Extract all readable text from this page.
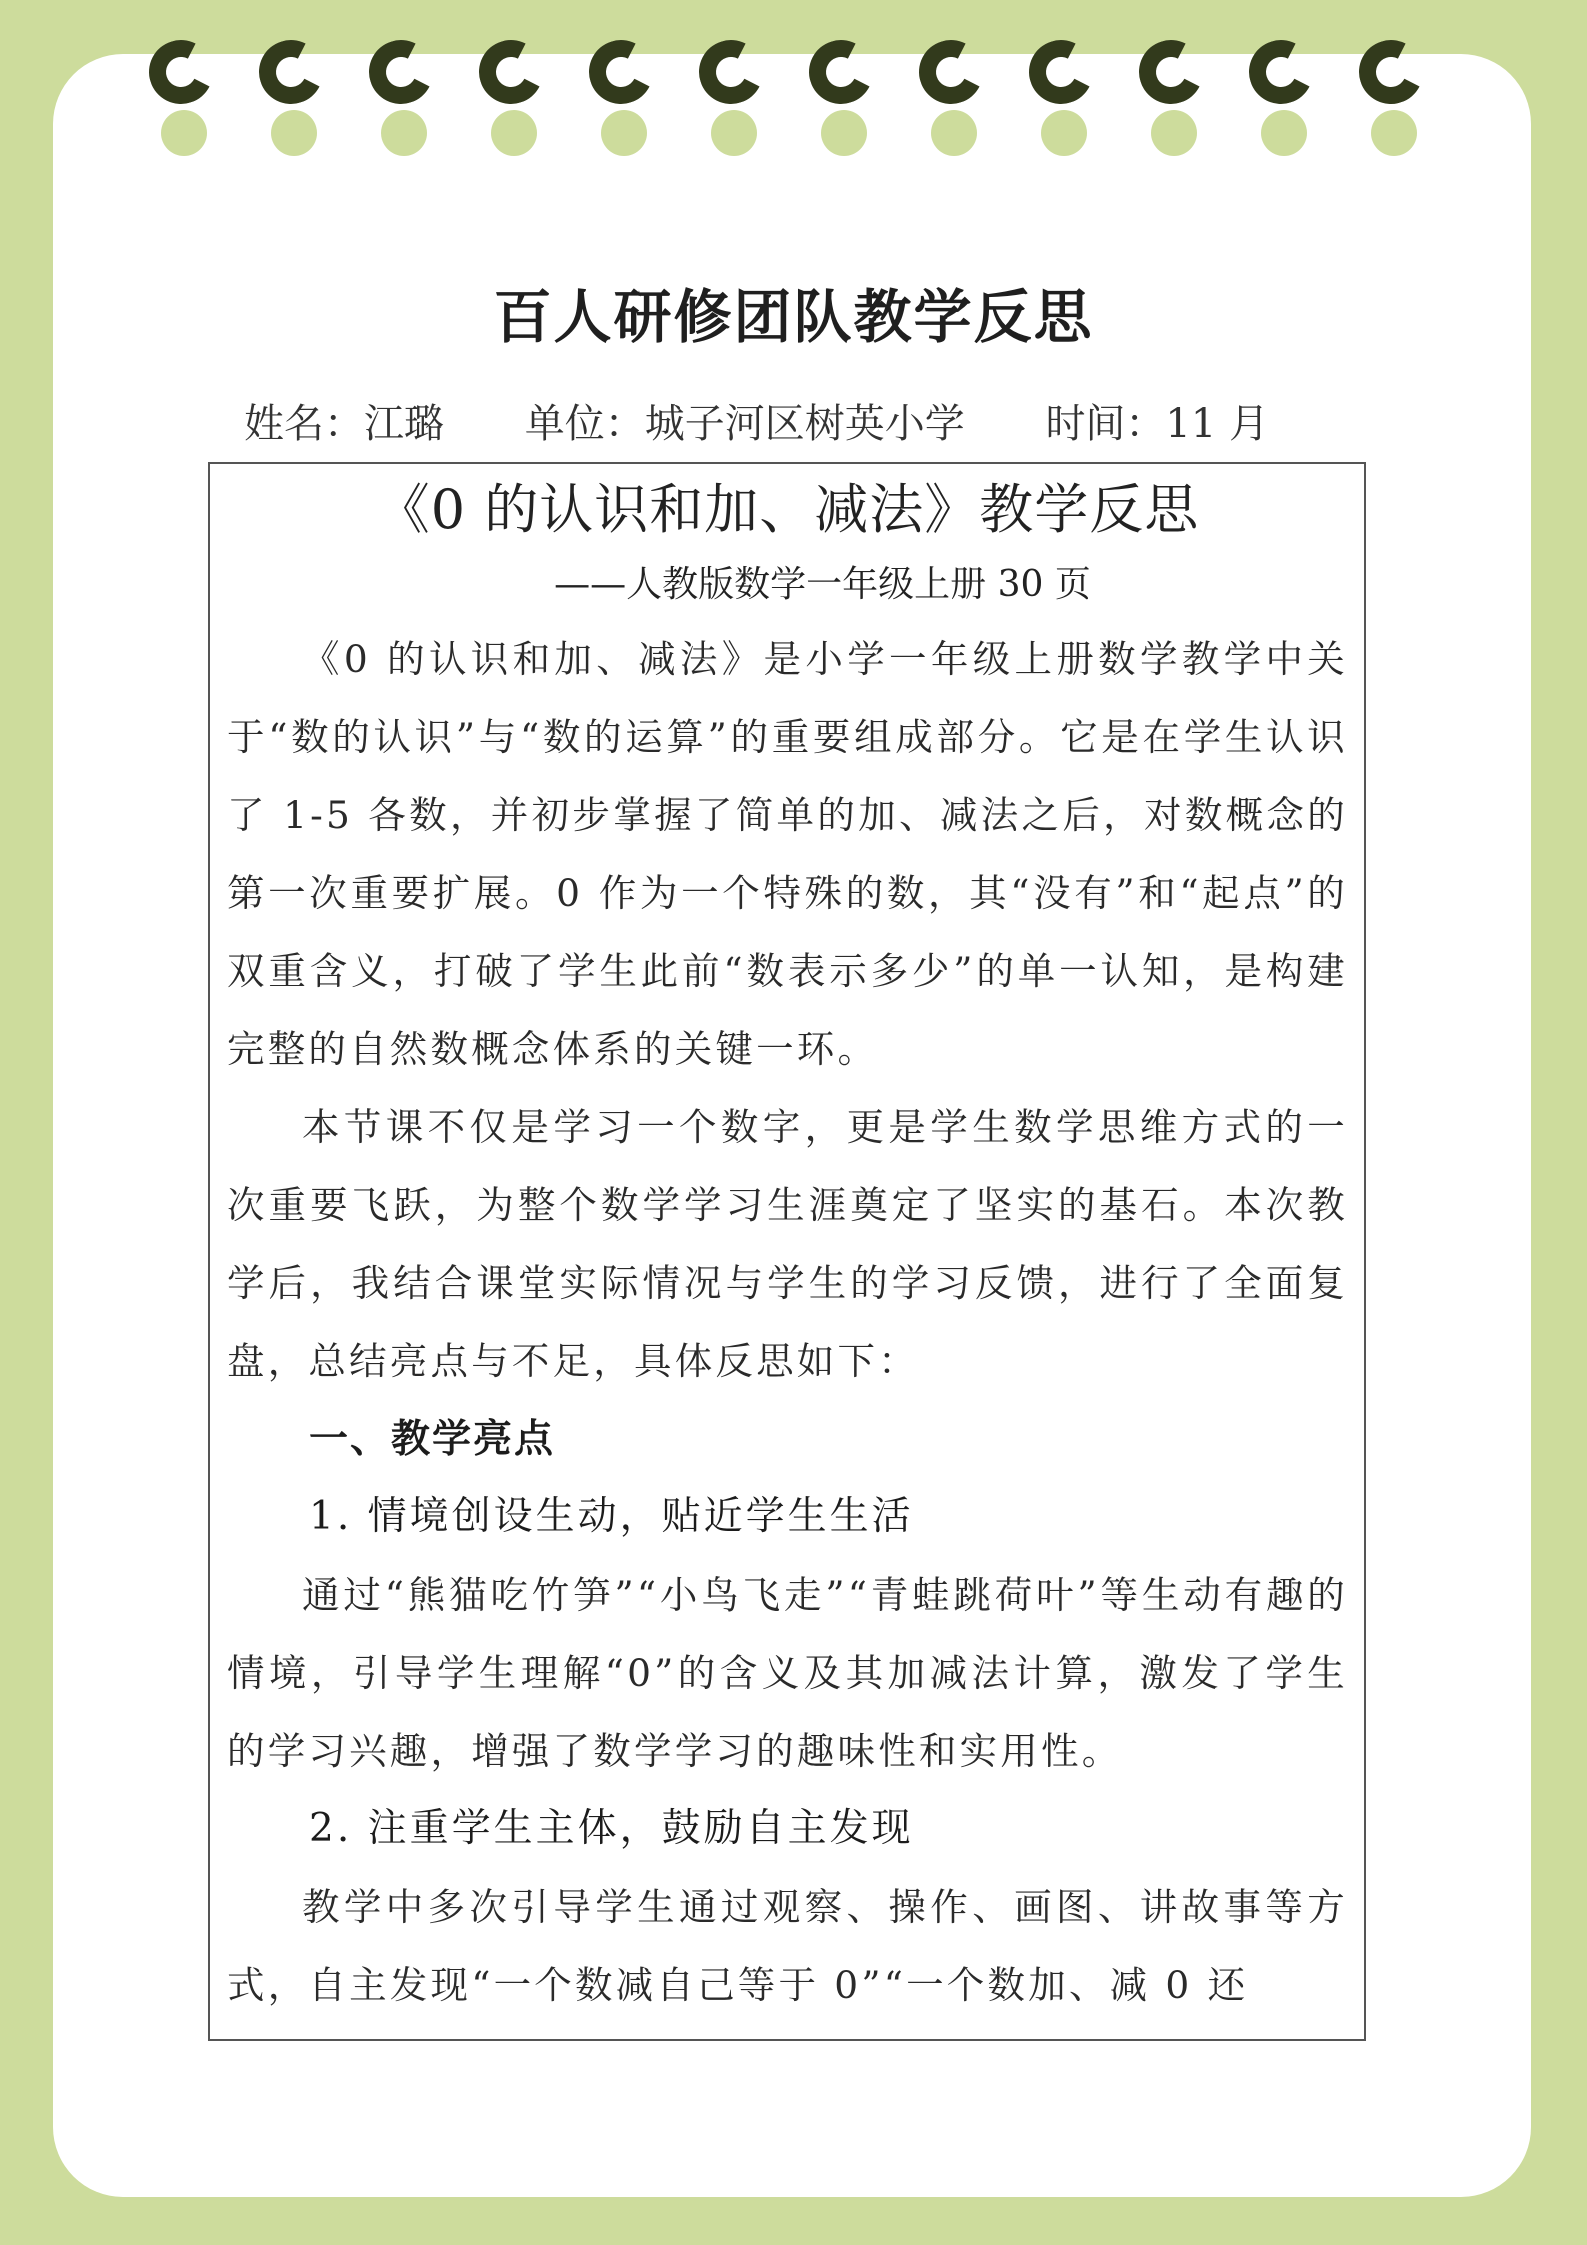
百人研修团队教学反思
姓名：江璐 单位：城子河区树英小学 时间：11 月
《0 的认识和加、减法》教学反思
——人教版数学一年级上册 30 页

《0 的认识和加、减法》是小学一年级上册数学教学中关于“数的认识”与“数的运算”的重要组成部分。它是在学生认识了 1-5 各数，并初步掌握了简单的加、减法之后，对数概念的第一次重要扩展。0 作为一个特殊的数，其“没有”和“起点”的双重含义，打破了学生此前“数表示多少”的单一认知，是构建完整的自然数概念体系的关键一环。

本节课不仅是学习一个数字，更是学生数学思维方式的一次重要飞跃，为整个数学学习生涯奠定了坚实的基石。本次教学后，我结合课堂实际情况与学生的学习反馈，进行了全面复盘，总结亮点与不足，具体反思如下：

一、教学亮点

1. 情境创设生动，贴近学生生活

通过“熊猫吃竹笋”“小鸟飞走”“青蛙跳荷叶”等生动有趣的情境，引导学生理解“0”的含义及其加减法计算，激发了学生的学习兴趣，增强了数学学习的趣味性和实用性。

2. 注重学生主体，鼓励自主发现

教学中多次引导学生通过观察、操作、画图、讲故事等方式，自主发现“一个数减自己等于 0”“一个数加、减 0 还
